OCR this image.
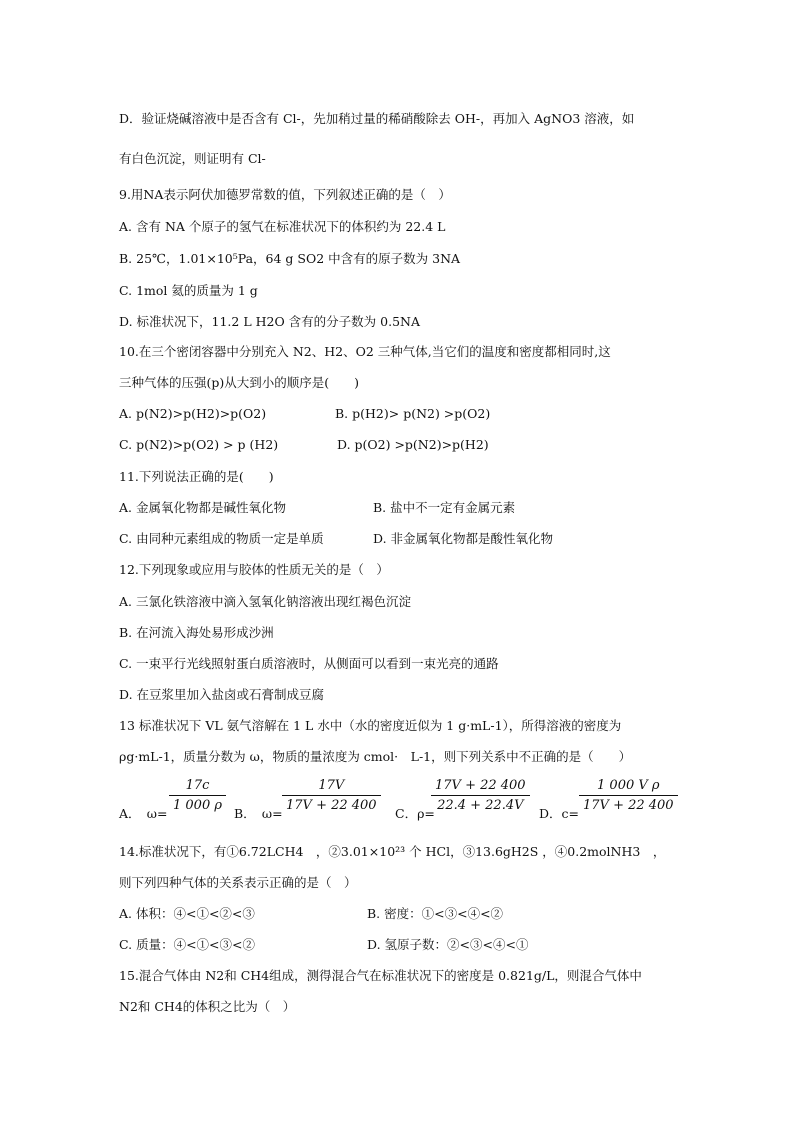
D．验证烧碱溶液中是否含有 Cl-，先加稍过量的稀硝酸除去 OH-，再加入 AgNO3 溶液，如
有白色沉淀，则证明有 Cl-
9.用NA表示阿伏加德罗常数的值，下列叙述正确的是（　）
A. 含有 NA 个原子的氢气在标准状况下的体积约为 22.4 L
B. 25℃，1.01×10⁵Pa，64 g SO2 中含有的原子数为 3NA
C. 1mol 氦的质量为 1 g
D. 标准状况下，11.2 L H2O 含有的分子数为 0.5NA
10.在三个密闭容器中分别充入 N2、H2、O2 三种气体,当它们的温度和密度都相同时,这
三种气体的压强(p)从大到小的顺序是(　　)
A. p(N2)>p(H2)>p(O2)	B. p(H2)> p(N2) >p(O2)
C. p(N2)>p(O2) > p (H2)	D. p(O2) >p(N2)>p(H2)
11.下列说法正确的是(　　)
A. 金属氧化物都是碱性氧化物	B. 盐中不一定有金属元素
C. 由同种元素组成的物质一定是单质	D. 非金属氧化物都是酸性氧化物
12.下列现象或应用与胶体的性质无关的是（　）
A. 三氯化铁溶液中滴入氢氧化钠溶液出现红褐色沉淀
B. 在河流入海处易形成沙洲
C. 一束平行光线照射蛋白质溶液时，从侧面可以看到一束光亮的通路
D. 在豆浆里加入盐卤或石膏制成豆腐
13 标准状况下 VL 氨气溶解在 1 L 水中（水的密度近似为 1 g·mL-1），所得溶液的密度为
ρg·mL-1，质量分数为 ω，物质的量浓度为 cmol·　L-1，则下列关系中不正确的是（　　）
A．　ω=
$\frac{17c}{1 000 \rho}$
B．　ω=
$\frac{17V}{17V + 22 400}$
C．ρ=
$\frac{17V + 22 400}{22.4 + 22.4V}$
D．c=
$\frac{\text{1 000 V ρ}}{17V + 22 400}$
14.标准状况下，有①6.72LCH4　，②3.01×10²³ 个 HCl，③13.6gH2S ，④0.2molNH3　，
则下列四种气体的关系表示正确的是（　）
A. 体积：④<①<②<③	B. 密度：①<③<④<②
C. 质量：④<①<③<②	D. 氢原子数：②<③<④<①
15.混合气体由 N2和 CH4组成，测得混合气在标准状况下的密度是 0.821g/L，则混合气体中
N2和 CH4的体积之比为（　）
